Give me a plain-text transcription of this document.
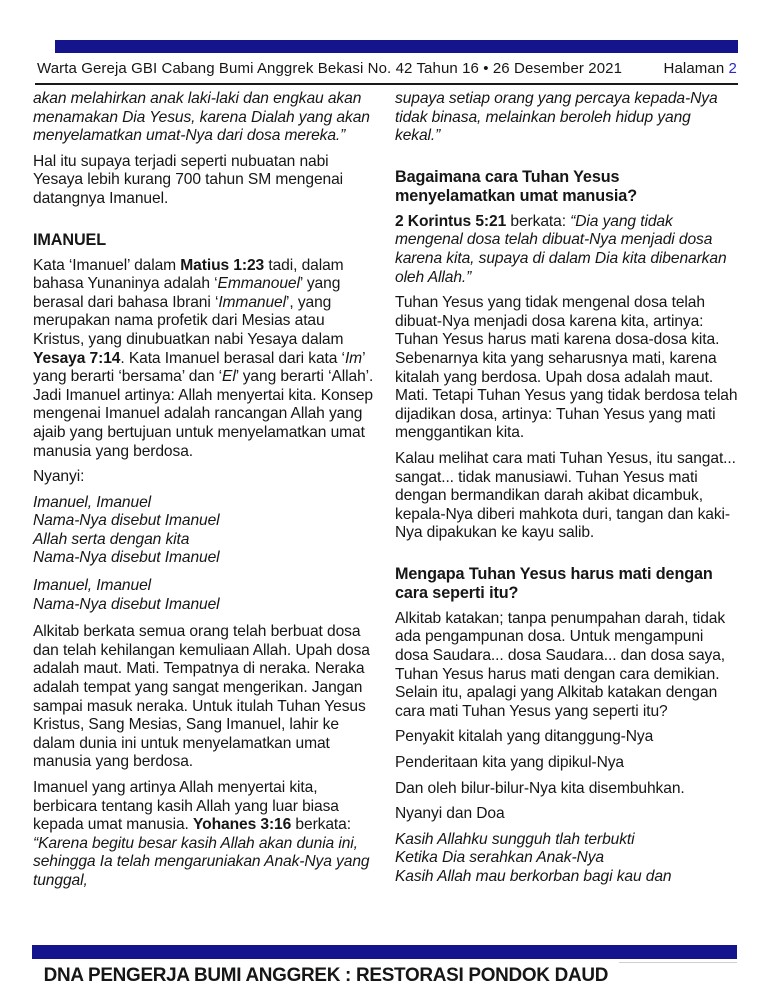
Warta Gereja GBI Cabang Bumi Anggrek Bekasi No. 42 Tahun 16 • 26 Desember 2021	Halaman 2

akan melahirkan anak laki-laki dan engkau akan menamakan Dia Yesus, karena Dialah yang akan menyelamatkan umat-Nya dari dosa mereka.”

Hal itu supaya terjadi seperti nubuatan nabi Yesaya lebih kurang 700 tahun SM mengenai datangnya Imanuel.

IMANUEL

Kata ‘Imanuel’ dalam Matius 1:23 tadi, dalam bahasa Yunaninya adalah ‘Emmanouel’ yang berasal dari bahasa Ibrani ‘Immanuel’, yang merupakan nama profetik dari Mesias atau Kristus, yang dinubuatkan nabi Yesaya dalam Yesaya 7:14. Kata Imanuel berasal dari kata ‘Im’ yang berarti ‘bersama’ dan ‘El’ yang berarti ‘Allah’. Jadi Imanuel artinya: Allah menyertai kita. Konsep mengenai Imanuel adalah rancangan Allah yang ajaib yang bertujuan untuk menyelamatkan umat manusia yang berdosa.

Nyanyi:

Imanuel, Imanuel
Nama-Nya disebut Imanuel
Allah serta dengan kita
Nama-Nya disebut Imanuel
Imanuel, Imanuel
Nama-Nya disebut Imanuel

Alkitab berkata semua orang telah berbuat dosa dan telah kehilangan kemuliaan Allah. Upah dosa adalah maut. Mati. Tempatnya di neraka. Neraka adalah tempat yang sangat mengerikan. Jangan sampai masuk neraka. Untuk itulah Tuhan Yesus Kristus, Sang Mesias, Sang Imanuel, lahir ke dalam dunia ini untuk menyelamatkan umat manusia yang berdosa.

Imanuel yang artinya Allah menyertai kita, berbicara tentang kasih Allah yang luar biasa kepada umat manusia. Yohanes 3:16 berkata: “Karena begitu besar kasih Allah akan dunia ini, sehingga Ia telah mengaruniakan Anak-Nya yang tunggal,

supaya setiap orang yang percaya kepada-Nya tidak binasa, melainkan beroleh hidup yang kekal.”

Bagaimana cara Tuhan Yesus menyelamatkan umat manusia?

2 Korintus 5:21 berkata: “Dia yang tidak mengenal dosa telah dibuat-Nya menjadi dosa karena kita, supaya di dalam Dia kita dibenarkan oleh Allah.”

Tuhan Yesus yang tidak mengenal dosa telah dibuat-Nya menjadi dosa karena kita, artinya: Tuhan Yesus harus mati karena dosa-dosa kita. Sebenarnya kita yang seharusnya mati, karena kitalah yang berdosa. Upah dosa adalah maut. Mati. Tetapi Tuhan Yesus yang tidak berdosa telah dijadikan dosa, artinya: Tuhan Yesus yang mati menggantikan kita.

Kalau melihat cara mati Tuhan Yesus, itu sangat... sangat... tidak manusiawi. Tuhan Yesus mati dengan bermandikan darah akibat dicambuk, kepala-Nya diberi mahkota duri, tangan dan kaki-Nya dipakukan ke kayu salib.

Mengapa Tuhan Yesus harus mati dengan cara seperti itu?

Alkitab katakan; tanpa penumpahan darah, tidak ada pengampunan dosa. Untuk mengampuni dosa Saudara... dosa Saudara... dan dosa saya, Tuhan Yesus harus mati dengan cara demikian. Selain itu, apalagi yang Alkitab katakan dengan cara mati Tuhan Yesus yang seperti itu?

Penyakit kitalah yang ditanggung-Nya

Penderitaan kita yang dipikul-Nya

Dan oleh bilur-bilur-Nya kita disembuhkan.

Nyanyi dan Doa

Kasih Allahku sungguh tlah terbukti
Ketika Dia serahkan Anak-Nya
Kasih Allah mau berkorban bagi kau dan
DNA PENGERJA BUMI ANGGREK : RESTORASI PONDOK DAUD
